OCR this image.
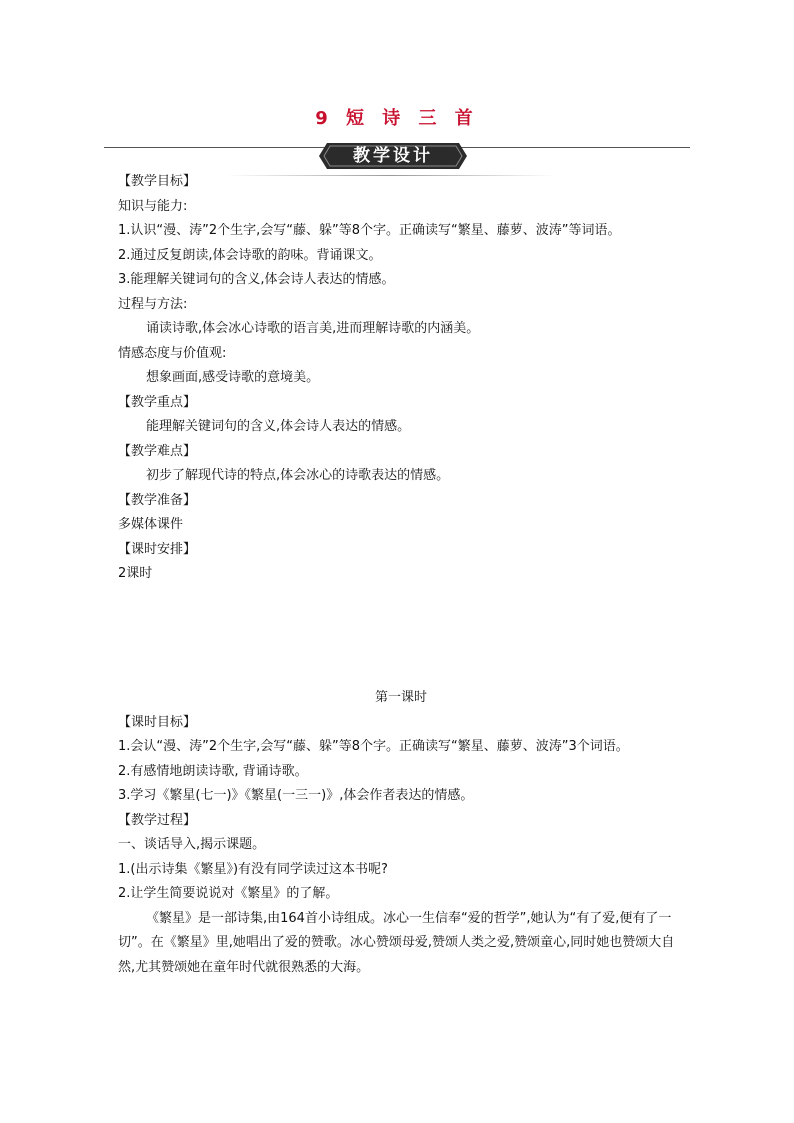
9 短 诗 三 首
教学设计

【教学目标】

知识与能力:

1.认识“漫、涛”2个生字,会写“藤、躲”等8个字。正确读写“繁星、藤萝、波涛”等词语。

2.通过反复朗读,体会诗歌的韵味。背诵课文。

3.能理解关键词句的含义,体会诗人表达的情感。

过程与方法:

诵读诗歌,体会冰心诗歌的语言美,进而理解诗歌的内涵美。

情感态度与价值观:

想象画面,感受诗歌的意境美。

【教学重点】

能理解关键词句的含义,体会诗人表达的情感。

【教学难点】

初步了解现代诗的特点,体会冰心的诗歌表达的情感。

【教学准备】

多媒体课件

【课时安排】

2课时

第一课时

【课时目标】

1.会认“漫、涛”2个生字,会写“藤、躲”等8个字。正确读写“繁星、藤萝、波涛”3个词语。

2.有感情地朗读诗歌, 背诵诗歌。

3.学习《繁星(七一)》《繁星(一三一)》,体会作者表达的情感。

【教学过程】

一、谈话导入,揭示课题。

1.(出示诗集《繁星》)有没有同学读过这本书呢?

2.让学生简要说说对《繁星》的了解。

《繁星》是一部诗集,由164首小诗组成。冰心一生信奉“爱的哲学”,她认为“有了爱,便有了一切”。在《繁星》里,她唱出了爱的赞歌。冰心赞颂母爱,赞颂人类之爱,赞颂童心,同时她也赞颂大自然,尤其赞颂她在童年时代就很熟悉的大海。
